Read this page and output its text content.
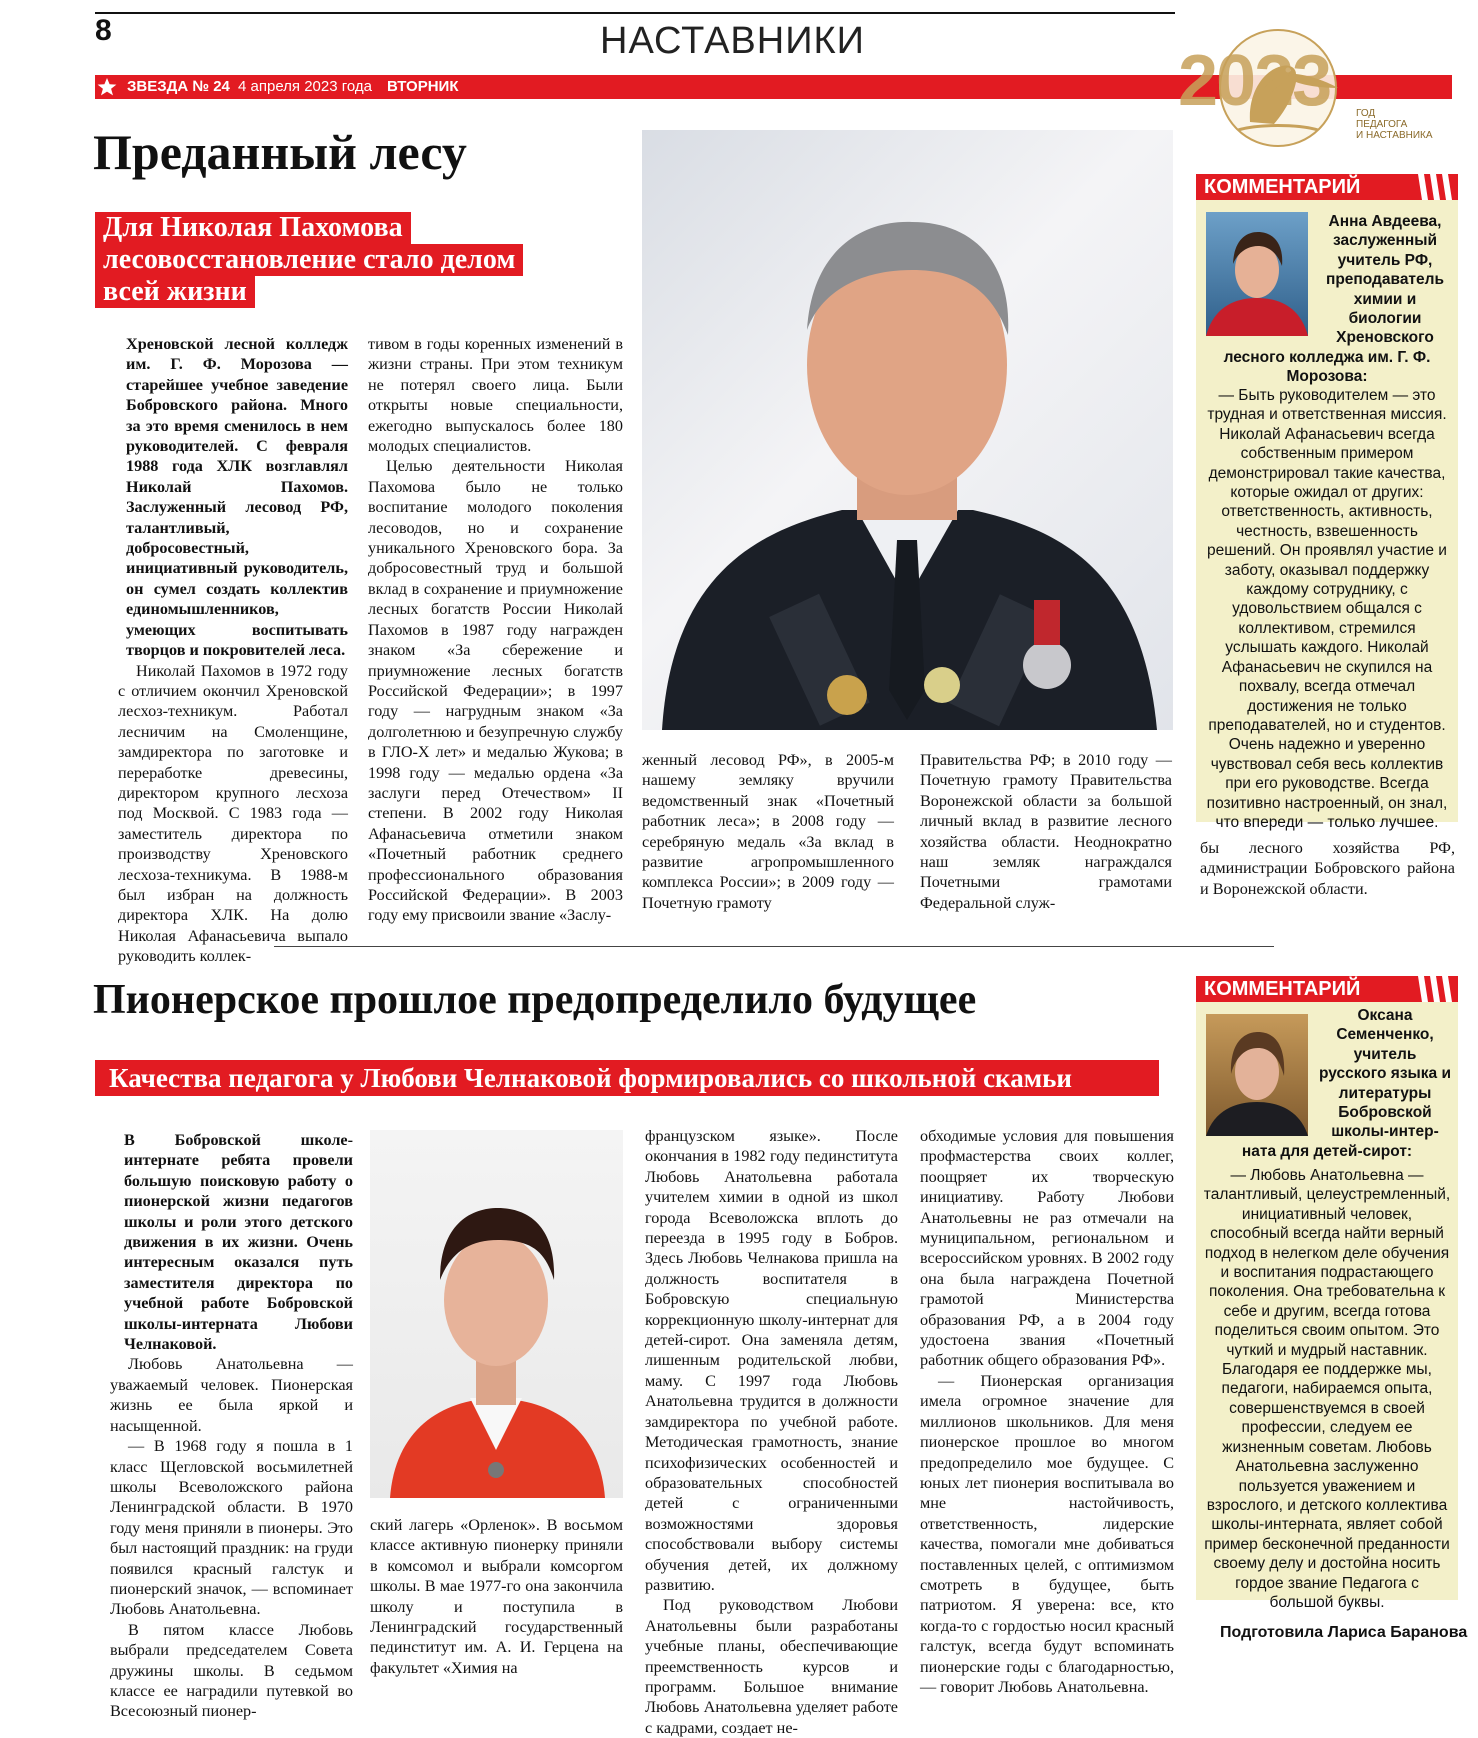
8	НАСТАВНИКИ
ЗВЕЗДА № 24 4 апреля 2023 года ВТОРНИК	2023	ГОД
ПЕДАГОГА
И НАСТАВНИКА
Преданный лесу
Для Николая Пахомова
лесовосстановление стало делом
всей жизни

Хреновской лесной колледж им. Г. Ф. Морозова — старейшее учебное заведение Бобровского района. Много за это время сменилось в нем руководителей. С февраля 1988 года ХЛК возглавлял Николай Пахомов. Заслуженный лесовод РФ, талантливый, добросовестный, инициативный руководитель, он сумел создать коллектив единомышленников, умеющих воспитывать творцов и покровителей леса.

Николай Пахомов в 1972 году с отличием окончил Хреновской лесхоз-техникум. Работал лесничим на Смоленщине, замдиректора по заготовке и переработке древесины, директором крупного лесхоза под Москвой. С 1983 года — заместитель директора по производству Хреновского лесхоза-техникума. В 1988-м был избран на должность директора ХЛК. На долю Николая Афанасьевича выпало руководить коллек-

тивом в годы коренных изменений в жизни страны. При этом техникум не потерял своего лица. Были открыты новые специальности, ежегодно выпускалось более 180 молодых специалистов.

Целью деятельности Николая Пахомова было не только воспитание молодого поколения лесоводов, но и сохранение уникального Хреновского бора. За добросовестный труд и большой вклад в сохранение и приумножение лесных богатств России Николай Пахомов в 1987 году награжден знаком «За сбережение и приумножение лесных богатств Российской Федерации»; в 1997 году — нагрудным знаком «За долголетнюю и безупречную службу в ГЛО-Х лет» и медалью Жукова; в 1998 году — медалью ордена «За заслуги перед Отечеством» II степени. В 2002 году Николая Афанасьевича отметили знаком «Почетный работник среднего профессионального образования Российской Федерации». В 2003 году ему присвоили звание «Заслу-

женный лесовод РФ», в 2005-м нашему земляку вручили ведомственный знак «Почетный работник леса»; в 2008 году — серебряную медаль «За вклад в развитие агропромышленного комплекса России»; в 2009 году — Почетную грамоту

Правительства РФ; в 2010 году — Почетную грамоту Правительства Воронежской области за большой личный вклад в развитие лесного хозяйства области. Неоднократно наш земляк награждался Почетными грамотами Федеральной служ-

бы лесного хозяйства РФ, администрации Бобровского района и Воронежской области.

КОММЕНТАРИЙ
Анна Авдеева, заслуженный учитель РФ, преподаватель химии и биологии Хреновского
лесного колледжа им. Г. Ф. Морозова:
— Быть руководителем — это трудная и ответственная миссия. Николай Афанасьевич всегда собственным примером демонстрировал такие качества, которые ожидал от других: ответственность, активность, честность, взвешенность решений. Он проявлял участие и заботу, оказывал поддержку каждому сотруднику, с удовольствием общался с коллективом, стремился услышать каждого. Николай Афанасьевич не скупился на похвалу, всегда отмечал достижения не только преподавателей, но и студентов. Очень надежно и уверенно чувствовал себя весь коллектив при его руководстве. Всегда позитивно настроенный, он знал, что впереди — только лучшее.
Пионерское прошлое предопределило будущее
Качества педагога у Любови Челнаковой формировались со школьной скамьи

В Бобровской школе-интернате ребята провели большую поисковую работу о пионерской жизни педагогов школы и роли этого детского движения в их жизни. Очень интересным оказался путь заместителя директора по учебной работе Бобровской школы-интерната Любови Челнаковой.

Любовь Анатольевна — уважаемый человек. Пионерская жизнь ее была яркой и насыщенной.

— В 1968 году я пошла в 1 класс Щегловской восьмилетней школы Всеволожского района Ленинградской области. В 1970 году меня приняли в пионеры. Это был настоящий праздник: на груди появился красный галстук и пионерский значок, — вспоминает Любовь Анатольевна.

В пятом классе Любовь выбрали председателем Совета дружины школы. В седьмом классе ее наградили путевкой во Всесоюзный пионер-

ский лагерь «Орленок». В восьмом классе активную пионерку приняли в комсомол и выбрали комсоргом школы. В мае 1977-го она закончила школу и поступила в Ленинградский государственный пединститут им. А. И. Герцена на факультет «Химия на

французском языке». После окончания в 1982 году пединститута Любовь Анатольевна работала учителем химии в одной из школ города Всеволожска вплоть до переезда в 1995 году в Бобров. Здесь Любовь Челнакова пришла на должность воспитателя в Бобровскую специальную коррекционную школу-интернат для детей-сирот. Она заменяла детям, лишенным родительской любви, маму. С 1997 года Любовь Анатольевна трудится в должности замдиректора по учебной работе. Методическая грамотность, знание психофизических особенностей и образовательных способностей детей с ограниченными возможностями здоровья способствовали выбору системы обучения детей, их должному развитию.

Под руководством Любови Анатольевны были разработаны учебные планы, обеспечивающие преемственность курсов и программ. Большое внимание Любовь Анатольевна уделяет работе с кадрами, создает не-

обходимые условия для повышения профмастерства своих коллег, поощряет их творческую инициативу. Работу Любови Анатольевны не раз отмечали на муниципальном, региональном и всероссийском уровнях. В 2002 году она была награждена Почетной грамотой Министерства образования РФ, а в 2004 году удостоена звания «Почетный работник общего образования РФ».

— Пионерская организация имела огромное значение для миллионов школьников. Для меня пионерское прошлое во многом предопределило мое будущее. С юных лет пионерия воспитывала во мне настойчивость, ответственность, лидерские качества, помогали мне добиваться поставленных целей, с оптимизмом смотреть в будущее, быть патриотом. Я уверена: все, кто когда-то с гордостью носил красный галстук, всегда будут вспоминать пионерские годы с благодарностью, — говорит Любовь Анатольевна.

КОММЕНТАРИЙ
Оксана Семенченко, учитель русского языка и литературы Бобровской школы-интер-
ната для детей-сирот:
— Любовь Анатольевна — талантливый, целеустремленный, инициативный человек, способный всегда найти верный подход в нелегком деле обучения и воспитания подрастающего поколения. Она требовательна к себе и другим, всегда готова поделиться своим опытом. Это чуткий и мудрый наставник. Благодаря ее поддержке мы, педагоги, набираемся опыта, совершенствуемся в своей профессии, следуем ее жизненным советам. Любовь Анатольевна заслуженно пользуется уважением и взрослого, и детского коллектива школы-интерната, являет собой пример бесконечной преданности своему делу и достойна носить гордое звание Педагога с большой буквы.
Подготовила Лариса Баранова
